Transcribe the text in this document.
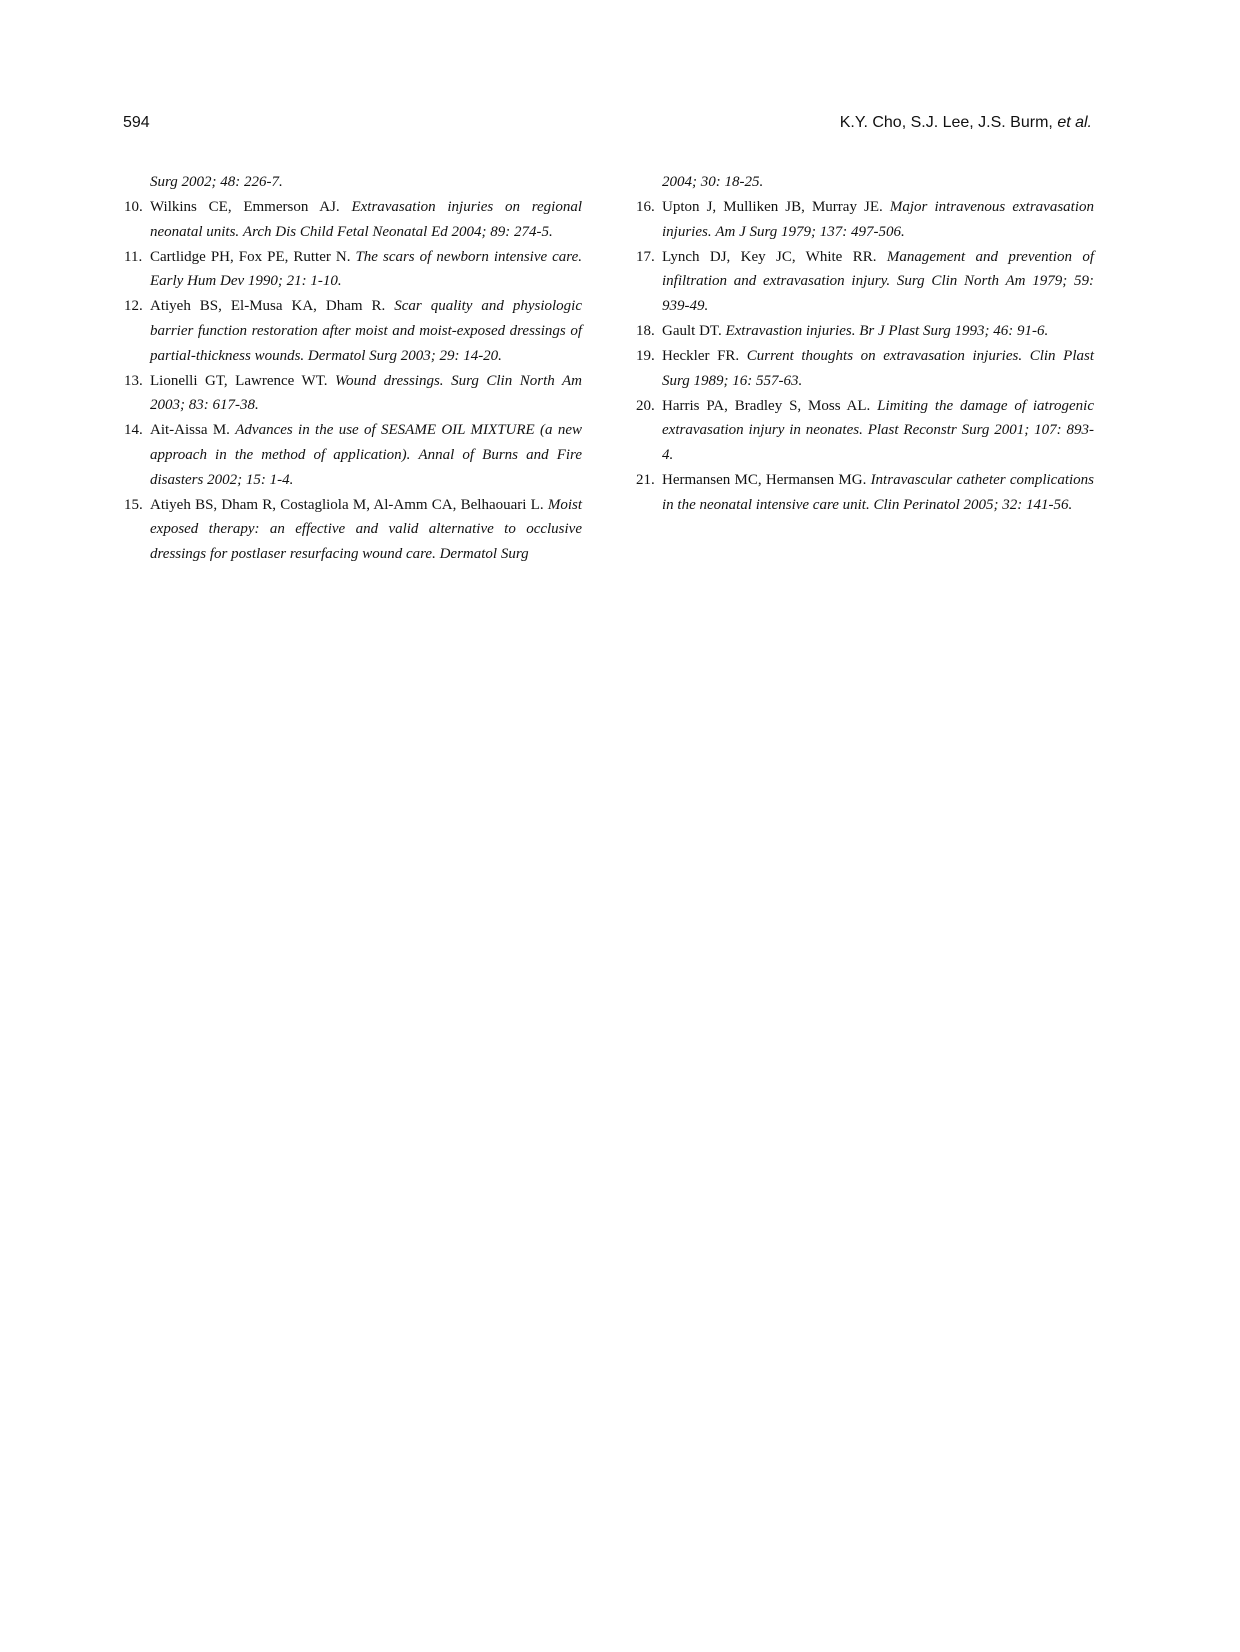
594	K.Y. Cho, S.J. Lee, J.S. Burm, et al.

Surg 2002; 48: 226-7.

10. Wilkins CE, Emmerson AJ. Extravasation injuries on regional neonatal units. Arch Dis Child Fetal Neonatal Ed 2004; 89: 274-5.

11. Cartlidge PH, Fox PE, Rutter N. The scars of newborn intensive care. Early Hum Dev 1990; 21: 1-10.

12. Atiyeh BS, El-Musa KA, Dham R. Scar quality and physiologic barrier function restoration after moist and moist-exposed dressings of partial-thickness wounds. Dermatol Surg 2003; 29: 14-20.

13. Lionelli GT, Lawrence WT. Wound dressings. Surg Clin North Am 2003; 83: 617-38.

14. Ait-Aissa M. Advances in the use of SESAME OIL MIXTURE (a new approach in the method of application). Annal of Burns and Fire disasters 2002; 15: 1-4.

15. Atiyeh BS, Dham R, Costagliola M, Al-Amm CA, Belhaouari L. Moist exposed therapy: an effective and valid alternative to occlusive dressings for postlaser resurfacing wound care. Dermatol Surg

2004; 30: 18-25.

16. Upton J, Mulliken JB, Murray JE. Major intravenous extravasation injuries. Am J Surg 1979; 137: 497-506.

17. Lynch DJ, Key JC, White RR. Management and prevention of infiltration and extravasation injury. Surg Clin North Am 1979; 59: 939-49.

18. Gault DT. Extravastion injuries. Br J Plast Surg 1993; 46: 91-6.

19. Heckler FR. Current thoughts on extravasation injuries. Clin Plast Surg 1989; 16: 557-63.

20. Harris PA, Bradley S, Moss AL. Limiting the damage of iatrogenic extravasation injury in neonates. Plast Reconstr Surg 2001; 107: 893-4.

21. Hermansen MC, Hermansen MG. Intravascular catheter complications in the neonatal intensive care unit. Clin Perinatol 2005; 32: 141-56.
